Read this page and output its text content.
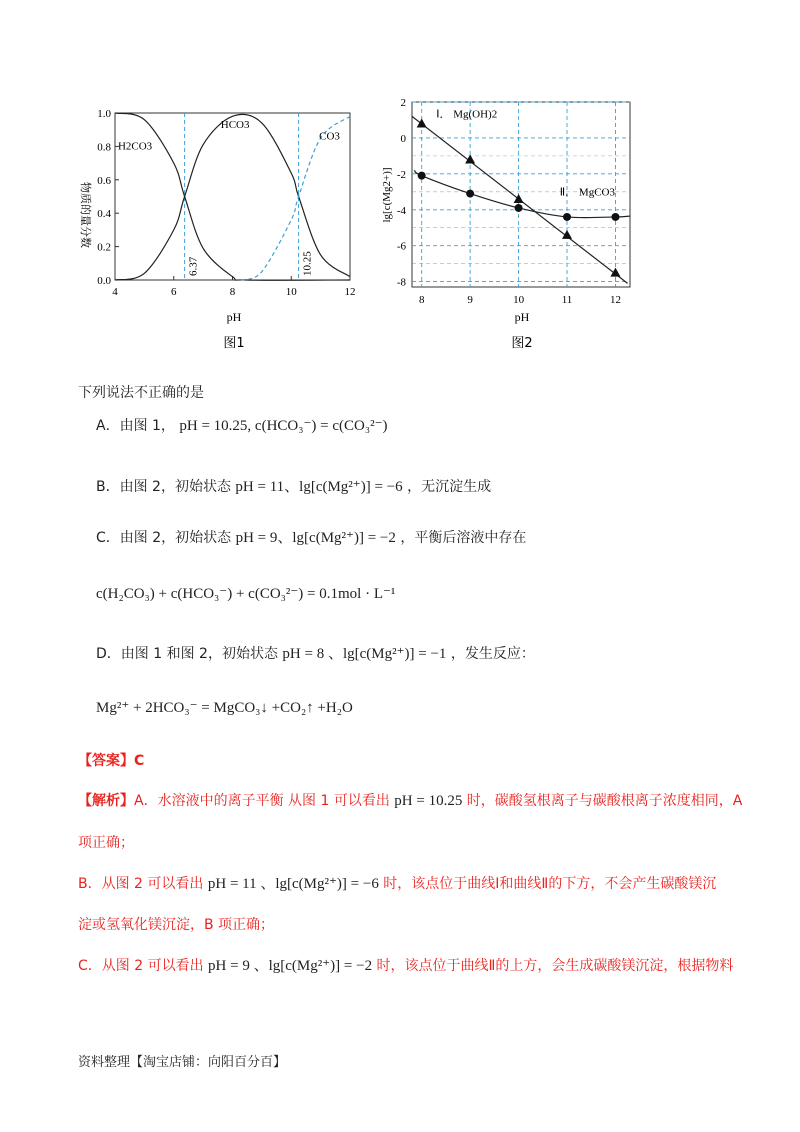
4	6	8	10	12
0.0
0.2
0.4
0.6
0.8
1.0
6.37	10.25
H2CO3
HCO3
CO3
物质的量分数
pH
图1
8	9	10	11	12
2
0
-2
-4
-6
-8
Ⅰ． Mg(OH)2
Ⅱ． MgCO3
lg[c(Mg2+)]
pH
图2
下列说法不正确的是
A．由图 1， pH = 10.25, c(HCO₃⁻) = c(CO₃²⁻)
B．由图 2，初始状态 pH = 11、lg[c(Mg²⁺)] = −6 ，无沉淀生成
C．由图 2，初始状态 pH = 9、lg[c(Mg²⁺)] = −2 ，平衡后溶液中存在
c(H₂CO₃) + c(HCO₃⁻) + c(CO₃²⁻) = 0.1mol · L⁻¹
D．由图 1 和图 2，初始状态 pH = 8 、lg[c(Mg²⁺)] = −1 ，发生反应：
Mg²⁺ + 2HCO₃⁻ = MgCO₃↓ +CO₂↑ +H₂O
【答案】C
【解析】A．水溶液中的离子平衡 从图 1 可以看出 pH = 10.25 时，碳酸氢根离子与碳酸根离子浓度相同，A
项正确；
B．从图 2 可以看出 pH = 11 、lg[c(Mg²⁺)] = −6 时，该点位于曲线Ⅰ和曲线Ⅱ的下方，不会产生碳酸镁沉
淀或氢氧化镁沉淀，B 项正确；
C．从图 2 可以看出 pH = 9 、lg[c(Mg²⁺)] = −2 时，该点位于曲线Ⅱ的上方，会生成碳酸镁沉淀，根据物料
资料整理【淘宝店铺：向阳百分百】
